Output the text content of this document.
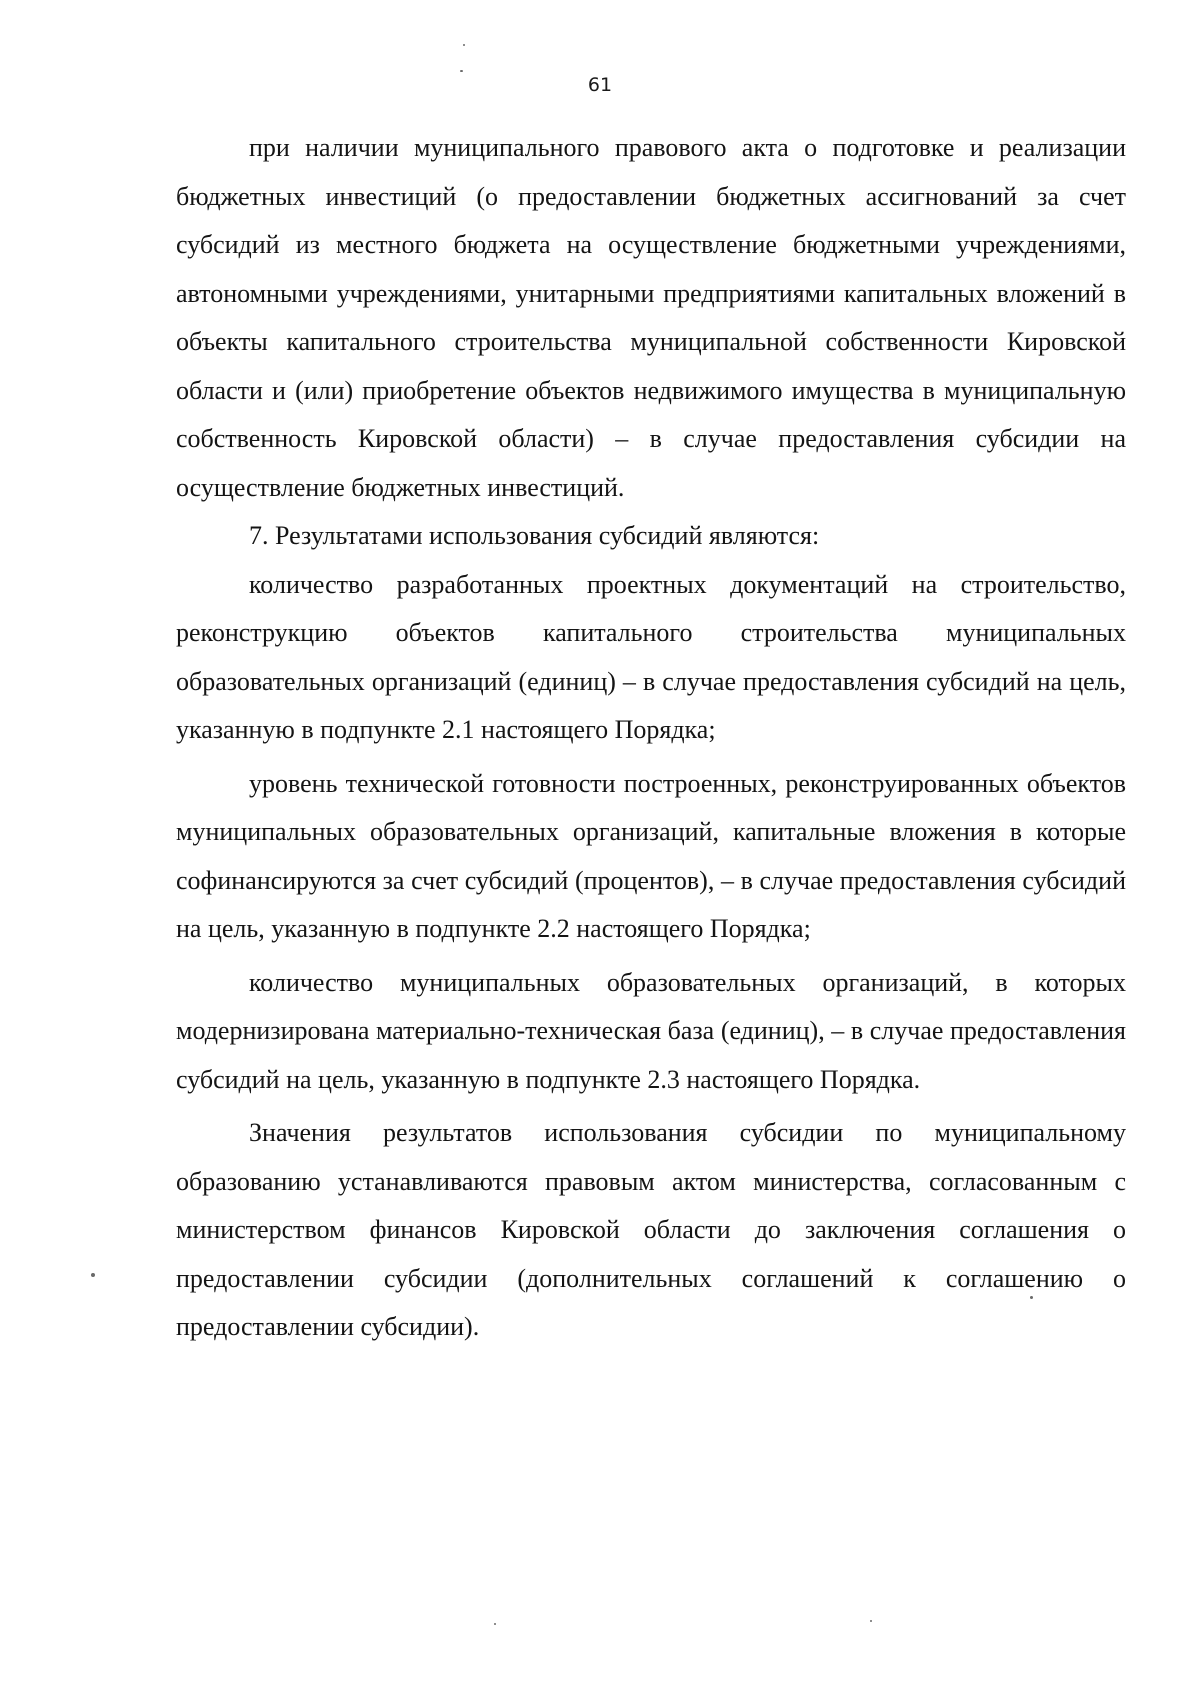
61

при наличии муниципального правового акта о подготовке и реализации бюджетных инвестиций (о предоставлении бюджетных ассигнований за счет субсидий из местного бюджета на осуществление бюджетными учреждениями, автономными учреждениями, унитарными предприятиями капитальных вложений в объекты капитального строительства муниципальной собственности Кировской области и (или) приобретение объектов недвижимого имущества в муниципальную собственность Кировской области) – в случае предоставления субсидии на осуществление бюджетных инвестиций.

7. Результатами использования субсидий являются:

количество разработанных проектных документаций на строительство, реконструкцию объектов капитального строительства муниципальных образовательных организаций (единиц) – в случае предоставления субсидий на цель, указанную в подпункте 2.1 настоящего Порядка;

уровень технической готовности построенных, реконструированных объектов муниципальных образовательных организаций, капитальные вложения в которые софинансируются за счет субсидий (процентов), – в случае предоставления субсидий на цель, указанную в подпункте 2.2 настоящего Порядка;

количество муниципальных образовательных организаций, в которых модернизирована материально-техническая база (единиц), – в случае предоставления субсидий на цель, указанную в подпункте 2.3 настоящего Порядка.

Значения результатов использования субсидии по муниципальному образованию устанавливаются правовым актом министерства, согласованным с министерством финансов Кировской области до заключения соглашения о предоставлении субсидии (дополнительных соглашений к соглашению о предоставлении субсидии).
